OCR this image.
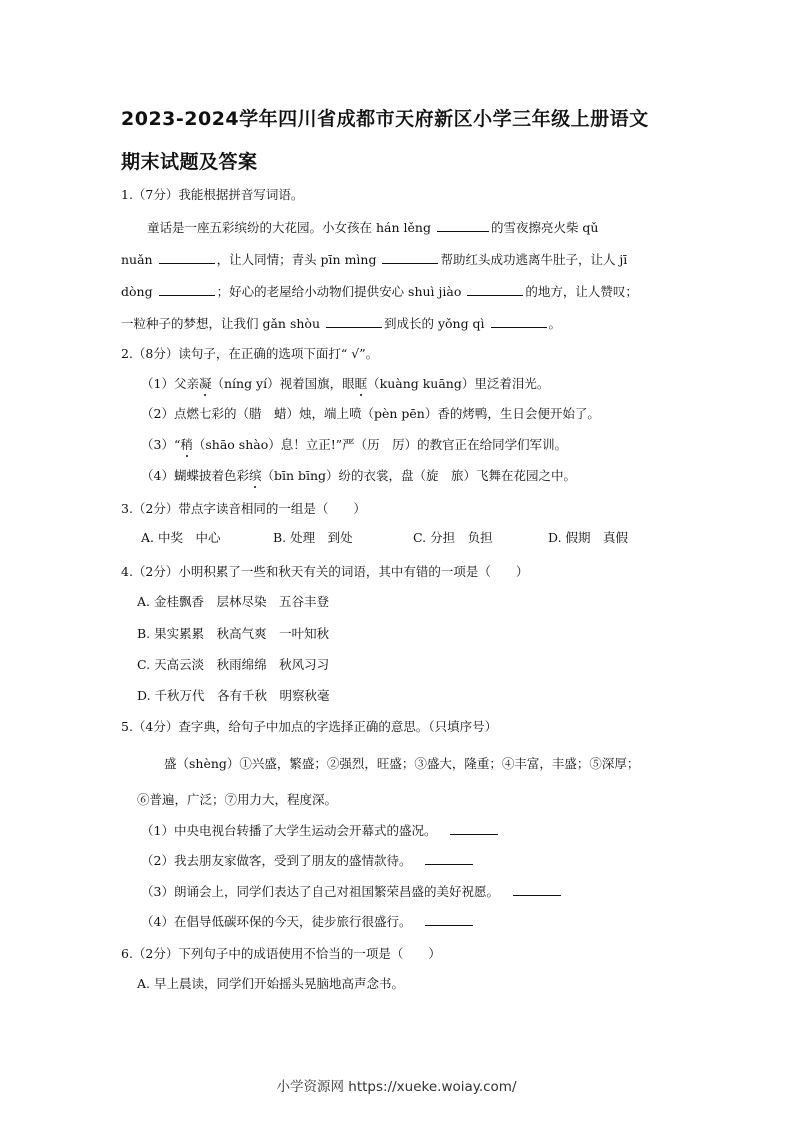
2023-2024学年四川省成都市天府新区小学三年级上册语文
期末试题及答案
1.（7分）我能根据拼音写词语。
童话是一座五彩缤纷的大花园。小女孩在 hán lěng	的雪夜擦亮火柴 qǔ
nuǎn	，让人同情；青头 pīn mìng	帮助红头成功逃离牛肚子，让人 jī
dòng	；好心的老屋给小动物们提供安心 shuì jiào	的地方，让人赞叹；
一粒种子的梦想，让我们 gǎn shòu	到成长的 yǒng qì	。
2.（8分）读句子，在正确的选项下面打“ √”。
（1）父亲凝（níng yí）视着国旗，眼眶（kuàng kuāng）里泛着泪光。
（2）点燃七彩的（腊　蜡）烛，端上喷（pèn pēn）香的烤鸭，生日会便开始了。
（3）“稍（shāo shào）息！立正!”严（历　厉）的教官正在给同学们军训。
（4）蝴蝶披着色彩缤（bīn bīng）纷的衣裳，盘（旋　旅）飞舞在花园之中。
3.（2分）带点字读音相同的一组是（　　）
A. 中奖　中心	B. 处理　到处	C. 分担　负担	D. 假期　真假
4.（2分）小明积累了一些和秋天有关的词语，其中有错的一项是（　　）
A. 金桂飘香　层林尽染　五谷丰登
B. 果实累累　秋高气爽　一叶知秋
C. 天高云淡　秋雨绵绵　秋风习习
D. 千秋万代　各有千秋　明察秋毫
5.（4分）查字典，给句子中加点的字选择正确的意思。（只填序号）
盛（shèng）①兴盛，繁盛；②强烈，旺盛；③盛大，隆重；④丰富，丰盛；⑤深厚；
⑥普遍，广泛；⑦用力大，程度深。
（1）中央电视台转播了大学生运动会开幕式的盛况。
（2）我去朋友家做客，受到了朋友的盛情款待。
（3）朗诵会上，同学们表达了自己对祖国繁荣昌盛的美好祝愿。
（4）在倡导低碳环保的今天，徒步旅行很盛行。
6.（2分）下列句子中的成语使用不恰当的一项是（　　）
A. 早上晨读，同学们开始摇头晃脑地高声念书。
小学资源网 https://xueke.woiay.com/
